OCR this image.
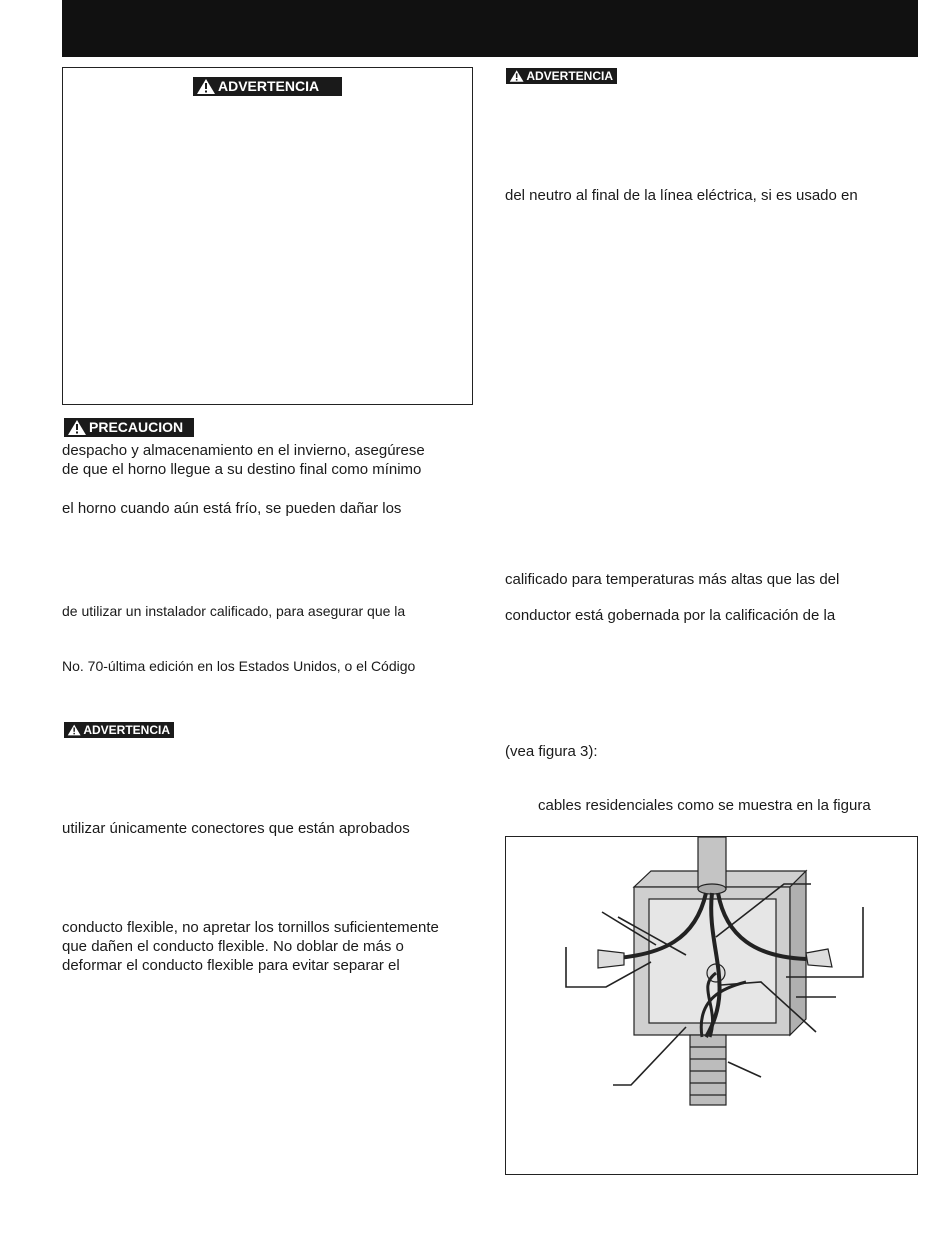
ADVERTENCIA
ADVERTENCIA
PRECAUCION
ADVERTENCIA
despacho y almacenamiento en el invierno, asegúrese
de que el horno llegue a su destino final como mínimo
el horno cuando aún está frío, se pueden dañar los
de utilizar un instalador calificado, para asegurar que la
No. 70-última edición en los Estados Unidos, o el Código
utilizar únicamente conectores que están aprobados
conducto flexible, no apretar los tornillos suficientemente
que dañen el conducto flexible. No doblar de más o
deformar el conducto flexible para evitar separar el
del neutro al final de la línea eléctrica, si es usado en
calificado para temperaturas más altas que las del
conductor está gobernada por la calificación de la
(vea figura 3):
cables residenciales como se muestra en la figura
